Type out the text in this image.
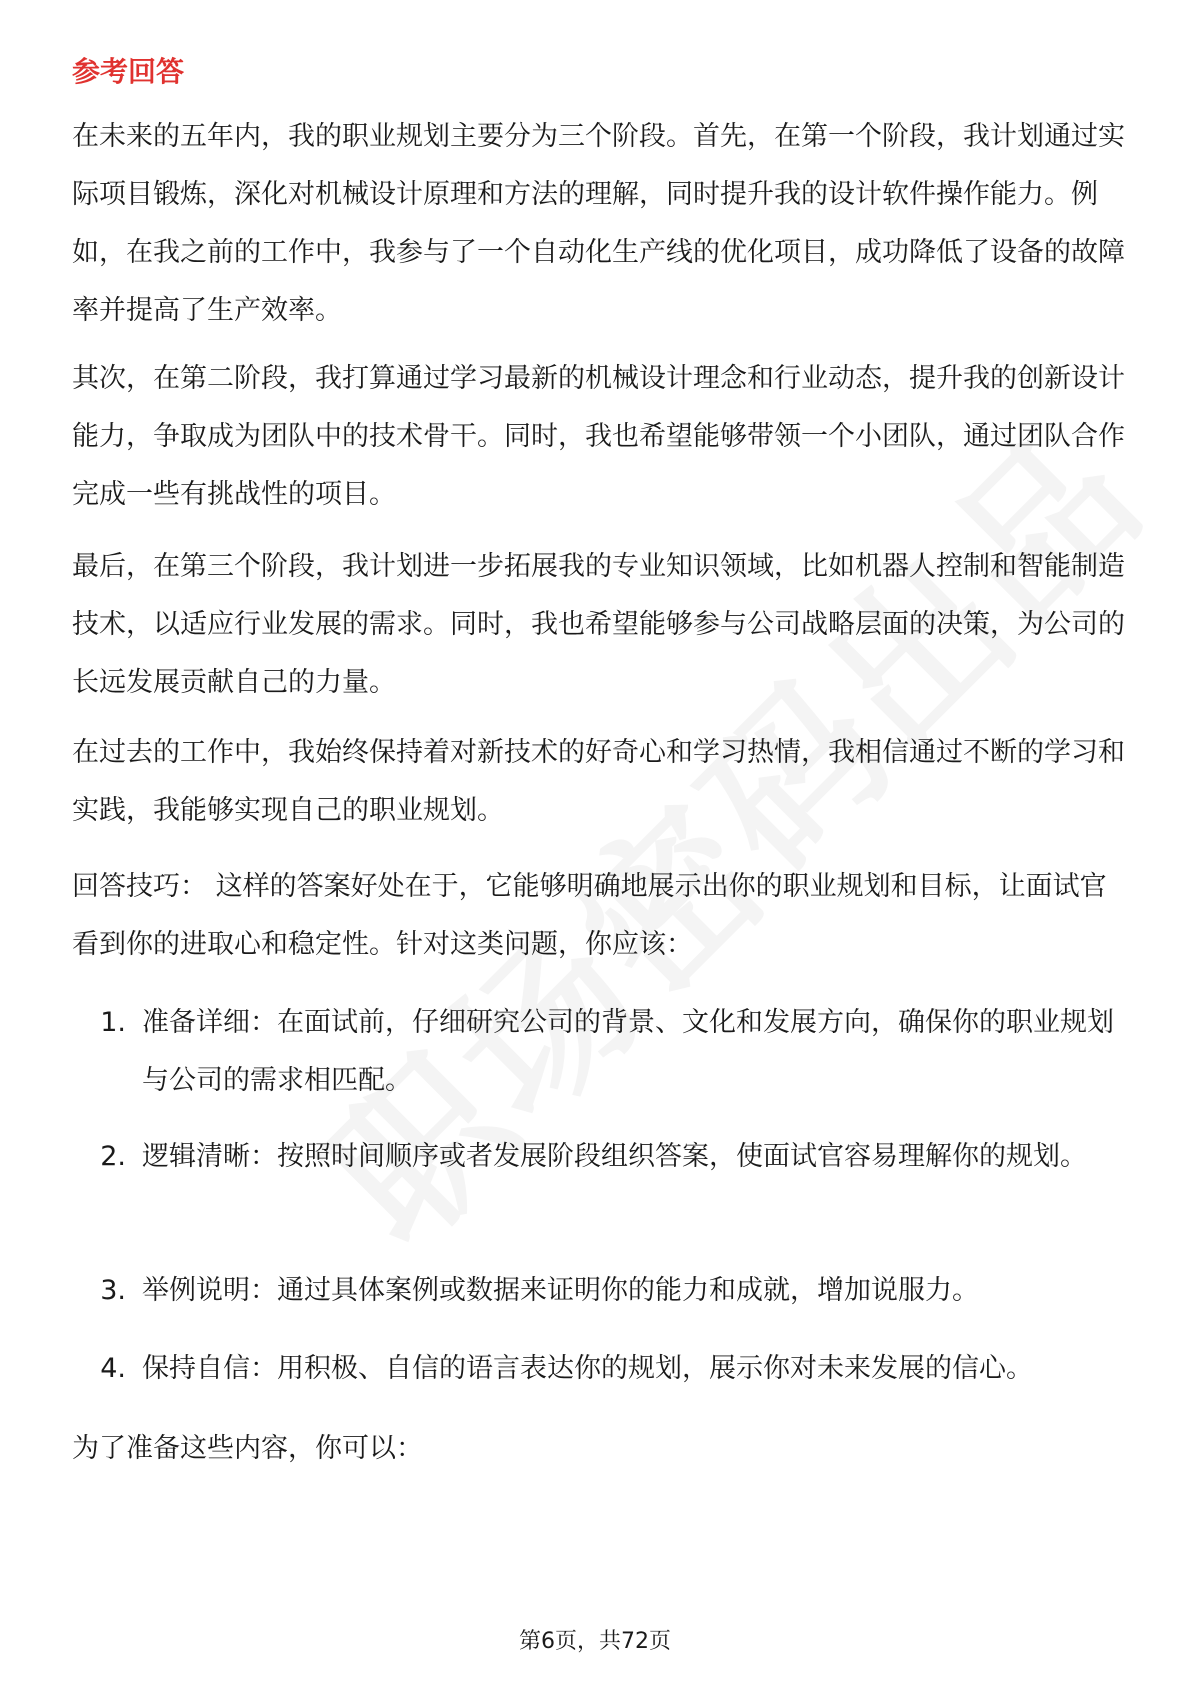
参考回答

在未来的五年内，我的职业规划主要分为三个阶段。首先，在第一个阶段，我计划通过实际项目锻炼，深化对机械设计原理和方法的理解，同时提升我的设计软件操作能力。例如，在我之前的工作中，我参与了一个自动化生产线的优化项目，成功降低了设备的故障率并提高了生产效率。

其次，在第二阶段，我打算通过学习最新的机械设计理念和行业动态，提升我的创新设计能力，争取成为团队中的技术骨干。同时，我也希望能够带领一个小团队，通过团队合作完成一些有挑战性的项目。

最后，在第三个阶段，我计划进一步拓展我的专业知识领域，比如机器人控制和智能制造技术，以适应行业发展的需求。同时，我也希望能够参与公司战略层面的决策，为公司的长远发展贡献自己的力量。

在过去的工作中，我始终保持着对新技术的好奇心和学习热情，我相信通过不断的学习和实践，我能够实现自己的职业规划。

回答技巧： 这样的答案好处在于，它能够明确地展示出你的职业规划和目标，让面试官看到你的进取心和稳定性。针对这类问题，你应该：

1. 准备详细：在面试前，仔细研究公司的背景、文化和发展方向，确保你的职业规划与公司的需求相匹配。
2. 逻辑清晰：按照时间顺序或者发展阶段组织答案，使面试官容易理解你的规划。
3. 举例说明：通过具体案例或数据来证明你的能力和成就，增加说服力。
4. 保持自信：用积极、自信的语言表达你的规划，展示你对未来发展的信心。

为了准备这些内容，你可以：

第6页，共72页
